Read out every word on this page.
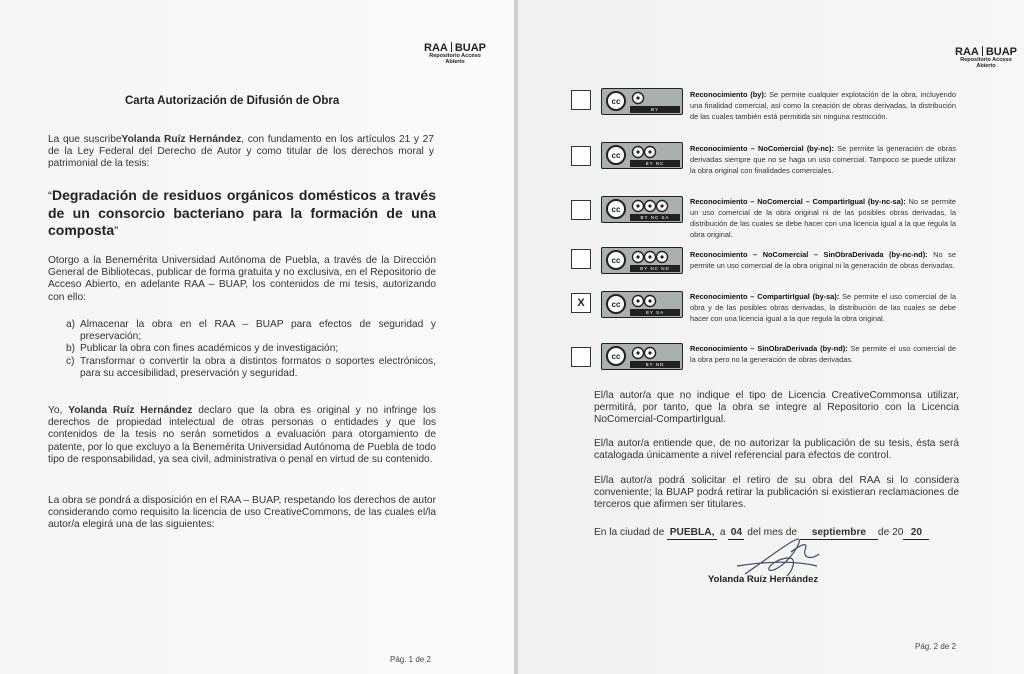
RAA BUAP
Repositorio Acceso
Abierto
Carta Autorización de Difusión de Obra
La que suscribeYolanda Ruíz Hernández, con fundamento en los artículos 21 y 27 de la Ley Federal del Derecho de Autor y como titular de los derechos moral y patrimonial de la tesis:
“Degradación de residuos orgánicos domésticos a través de un consorcio bacteriano para la formación de una composta”
Otorgo a la Benemérita Universidad Autónoma de Puebla, a través de la Dirección General de Bibliotecas, publicar de forma gratuita y no exclusiva, en el Repositorio de Acceso Abierto, en adelante RAA – BUAP, los contenidos de mi tesis, autorizando con ello:
a) Almacenar la obra en el RAA – BUAP para efectos de seguridad y preservación;
b) Publicar la obra con fines académicos y de investigación;
c) Transformar o convertir la obra a distintos formatos o soportes electrónicos, para su accesibilidad, preservación y seguridad.
Yo, Yolanda Ruíz Hernández declaro que la obra es original y no infringe los derechos de propiedad intelectual de otras personas o entidades y que los contenidos de la tesis no serán sometidos a evaluación para otorgamiento de patente, por lo que excluyo a la Benemérita Universidad Autónoma de Puebla de todo tipo de responsabilidad, ya sea civil, administrativa o penal en virtud de su contenido.
La obra se pondrá a disposición en el RAA – BUAP, respetando los derechos de autor considerando como requisito la licencia de uso CreativeCommons, de las cuales el/la autor/a elegirá una de las siguientes:
Pág. 1 de 2
RAA BUAP
Repositorio Acceso
Abierto
cc
BY
Reconocimiento (by): Se permite cualquier explotación de la obra, incluyendo una finalidad comercial, así como la creación de obras derivadas, la distribución de las cuales también está permitida sin ninguna restricción.
cc
BY NC
Reconocimiento – NoComercial (by-nc): Se permite la generación de obras derivadas siempre que no se haga un uso comercial. Tampoco se puede utilizar la obra original con finalidades comerciales.
cc
BY NC SA
Reconocimiento – NoComercial – CompartirIgual (by-nc-sa): No se permite un uso comercial de la obra original ni de las posibles obras derivadas, la distribución de las cuales se debe hacer con una licencia igual a la que regula la obra original.
cc
BY NC ND
Reconocimiento – NoComercial – SinObraDerivada (by-nc-nd): No se permite un uso comercial de la obra original ni la generación de obras derivadas.
X	cc
BY SA
Reconocimiento – CompartirIgual (by-sa): Se permite el uso comercial de la obra y de las posibles obras derivadas, la distribución de las cuales se debe hacer con una licencia igual a la que regula la obra original.
cc
BY ND
Reconocimiento – SinObraDerivada (by-nd): Se permite el uso comercial de la obra pero no la generación de obras derivadas.
El/la autor/a que no indique el tipo de Licencia CreativeCommonsa utilizar, permitirá, por tanto, que la obra se integre al Repositorio con la Licencia NoComercial-CompartirIgual.
El/la autor/a entiende que, de no autorizar la publicación de su tesis, ésta será catalogada únicamente a nivel referencial para efectos de control.
El/la autor/a podrá solicitar el retiro de su obra del RAA si lo considera conveniente; la BUAP podrá retirar la publicación si existieran reclamaciones de terceros que afirmen ser titulares.
En la ciudad de PUEBLA, a 04 del mes de septiembre de 20 20
Yolanda Ruíz Hernández
Pág. 2 de 2
